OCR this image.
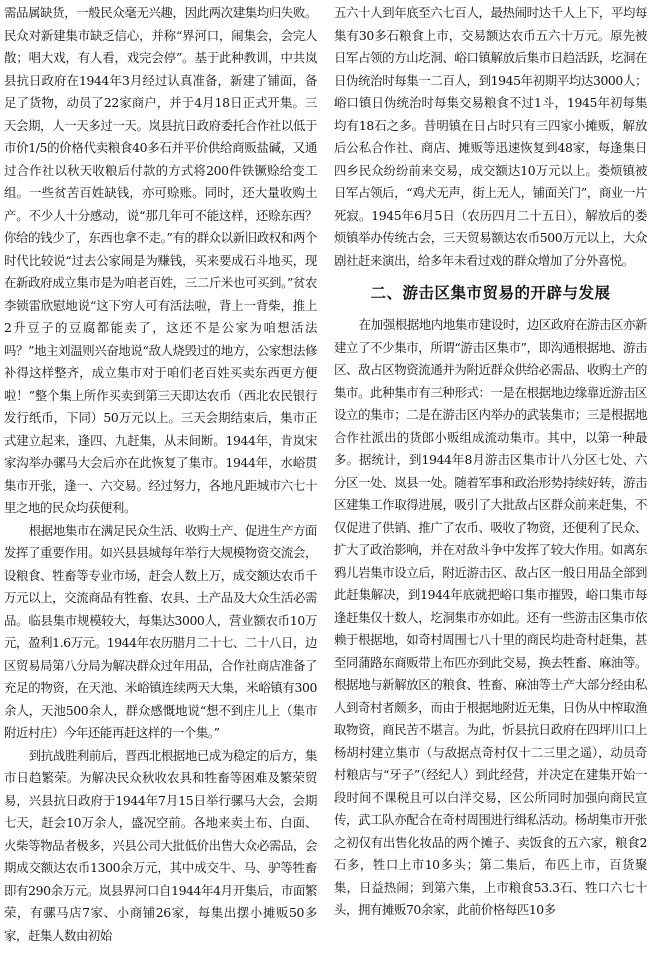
需品属缺货，一般民众毫无兴趣，因此两次建集均归失败。民众对新建集市缺乏信心，并称“界河口，闹集会，会完人散；唱大戏，有人看，戏完会停”。基于此种教训，中共岚县抗日政府在1944年3月经过认真准备，新建了铺面，备足了货物，动员了22家商户，并于4月18日正式开集。三天会期，人一天多过一天。岚县抗日政府委托合作社以低于市价1/5的价格代卖粮食40多石并平价供给商贩盐碱，又通过合作社以秋天收粮后付款的方式将200件铁镢赊给变工组。一些贫苦百姓缺钱，亦可赊账。同时，还大量收购土产。不少人十分感动，说“那几年可不能这样，还赊东西？你给的钱少了，东西也拿不走。”有的群众以新旧政权和两个时代比较说“过去公家闹是为赚钱，买来要成石斗地买，现在新政府成立集市是为咱老百姓，三二斤米也可买到。”贫农李锁雷欣慰地说“这下穷人可有活法啦，背上一背柴，推上2升豆子的豆腐都能卖了，这还不是公家为咱想活法吗？”地主刘温则兴奋地说“敌人烧毁过的地方，公家想法修补得这样整齐，成立集市对于咱们老百姓买卖东西更方便啦！”整个集上所作买卖到第三天即达农币（西北农民银行发行纸币，下同）50万元以上。三天会期结束后，集市正式建立起来，逢四、九赶集，从未间断。1944年，肯岚宋家沟举办骡马大会后亦在此恢复了集市。1944年，水峪贯集市开张，逢一、六交易。经过努力，各地凡距城市六七十里之地的民众均获便利。

根据地集市在满足民众生活、收购土产、促进生产方面发挥了重要作用。如兴县县城每年举行大规模物资交流会，设粮食、牲畜等专业市场，赶会人数上万，成交额达农币千万元以上，交流商品有牲畜、农具、土产品及大众生活必需品。临县集市规模较大，每集达3000人，营业额农币10万元，盈利1.6万元。1944年农历腊月二十七、二十八日，边区贸易局第八分局为解决群众过年用品，合作社商店准备了充足的物资，在天池、米峪镇连续两天大集，米峪镇有300余人，天池500余人，群众感慨地说“想不到庄儿上（集市附近村庄）今年还能再赶这样的一个集。”

到抗战胜利前后，晋西北根据地已成为稳定的后方，集市日趋繁荣。为解决民众秋收农具和牲畜等困难及繁荣贸易，兴县抗日政府于1944年7月15日举行骡马大会，会期七天，赶会10万余人，盛况空前。各地来卖土布、白面、火柴等物品者极多，兴县公司大批低价出售大众必需品，会期成交额达农币1300余万元，其中成交牛、马、驴等牲畜即有290余万元。岚县界河口自1944年4月开集后，市面繁荣，有骡马店7家、小商铺26家，每集出摆小摊贩50多家，赶集人数由初始

五六十人到年底至六七百人，最热闹时达千人上下，平均每集有30多石粮食上市，交易额达农币五六十万元。原先被日军占领的方山圪洞、峪口镇解放后集市日趋活跃，圪洞在日伪统治时每集一二百人，到1945年初期平均达3000人；峪口镇日伪统治时每集交易粮食不过1斗，1945年初每集均有18石之多。昔明镇在日占时只有三四家小摊贩，解放后公私合作社、商店、摊贩等迅速恢复到48家，每逢集日四乡民众纷纷前来交易，成交额达10万元以上。娄烦镇被日军占领后，“鸡犬无声，街上无人，铺面关门”，商业一片死寂。1945年6月5日（农历四月二十五日），解放后的娄烦镇举办传统古会，三天贸易额达农币500万元以上，大众剧社赶来演出，给多年未看过戏的群众增加了分外喜悦。

二、游击区集市贸易的开辟与发展

在加强根据地内地集市建设时，边区政府在游击区亦新建立了不少集市，所谓“游击区集市”，即沟通根据地、游击区、敌占区物资流通并为附近群众供给必需品、收购土产的集市。此种集市有三种形式：一是在根据地边缘靠近游击区设立的集市；二是在游击区内举办的武装集市；三是根据地合作社派出的货郎小贩组成流动集市。其中，以第一种最多。据统计，到1944年8月游击区集市计八分区七处、六分区一处、岚县一处。随着军事和政治形势持续好转，游击区建集工作取得进展，吸引了大批敌占区群众前来赶集，不仅促进了供销、推广了农币、吸收了物资，还便利了民众、扩大了政治影响，并在对敌斗争中发挥了较大作用。如离东鸦儿岩集市设立后，附近游击区、敌占区一般日用品全部到此赶集解决，到1944年底就把峪口集市摧毁，峪口集市每逢赶集仅十数人，圪洞集市亦如此。还有一些游击区集市依赖于根据地，如奇村周围七八十里的商民均赴奇村赶集，甚至同蒲路东商贩带上布匹亦到此交易，换去牲畜、麻油等。根据地与新解放区的粮食、牲畜、麻油等土产大部分经由私人到奇村者颇多，而由于根据地附近无集，日伪从中榨取渔取物资，商民苦不堪言。为此，忻县抗日政府在四坪川口上杨胡村建立集市（与敌据点奇村仅十二三里之遥），动员奇村粮店与“牙子”（经纪人）到此经营，并决定在建集开始一段时间不课税且可以白洋交易，区公所同时加强向商民宣传，武工队亦配合在奇村周围进行缉私活动。杨胡集市开张之初仅有出售化妆品的两个摊子、卖饭食的五六家，粮食2石多，牲口上市10多头；第二集后，布匹上市，百货聚集，日益热闹；到第六集，上市粮食53.3石、牲口六七十头，拥有摊贩70余家，此前价格每匹10多
